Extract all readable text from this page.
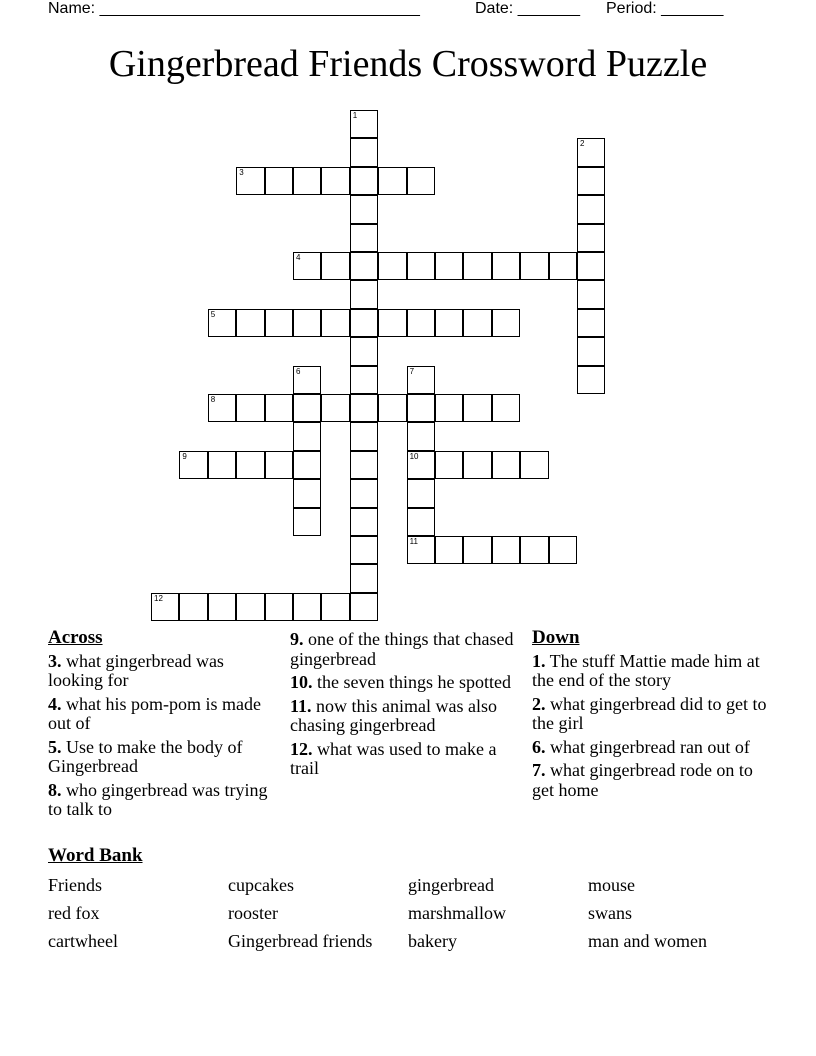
Name: ____________________________________	Date: _______ Period: _______
Gingerbread Friends Crossword Puzzle
1
2
3
4
5
6	7
10
11
8
9
12
Across
3. what gingerbread was looking for
4. what his pom-pom is made out of
5. Use to make the body of Gingerbread
8. who gingerbread was trying to talk to
9. one of the things that chased gingerbread
10. the seven things he spotted
11. now this animal was also chasing gingerbread
12. what was used to make a trail
Down
1. The stuff Mattie made him at the end of the story
2. what gingerbread did to get to the girl
6. what gingerbread ran out of
7. what gingerbread rode on to get home
Word Bank
Friends	cupcakes	gingerbread	mouse
red fox	rooster	marshmallow	swans
cartwheel	Gingerbread friends	bakery	man and women
